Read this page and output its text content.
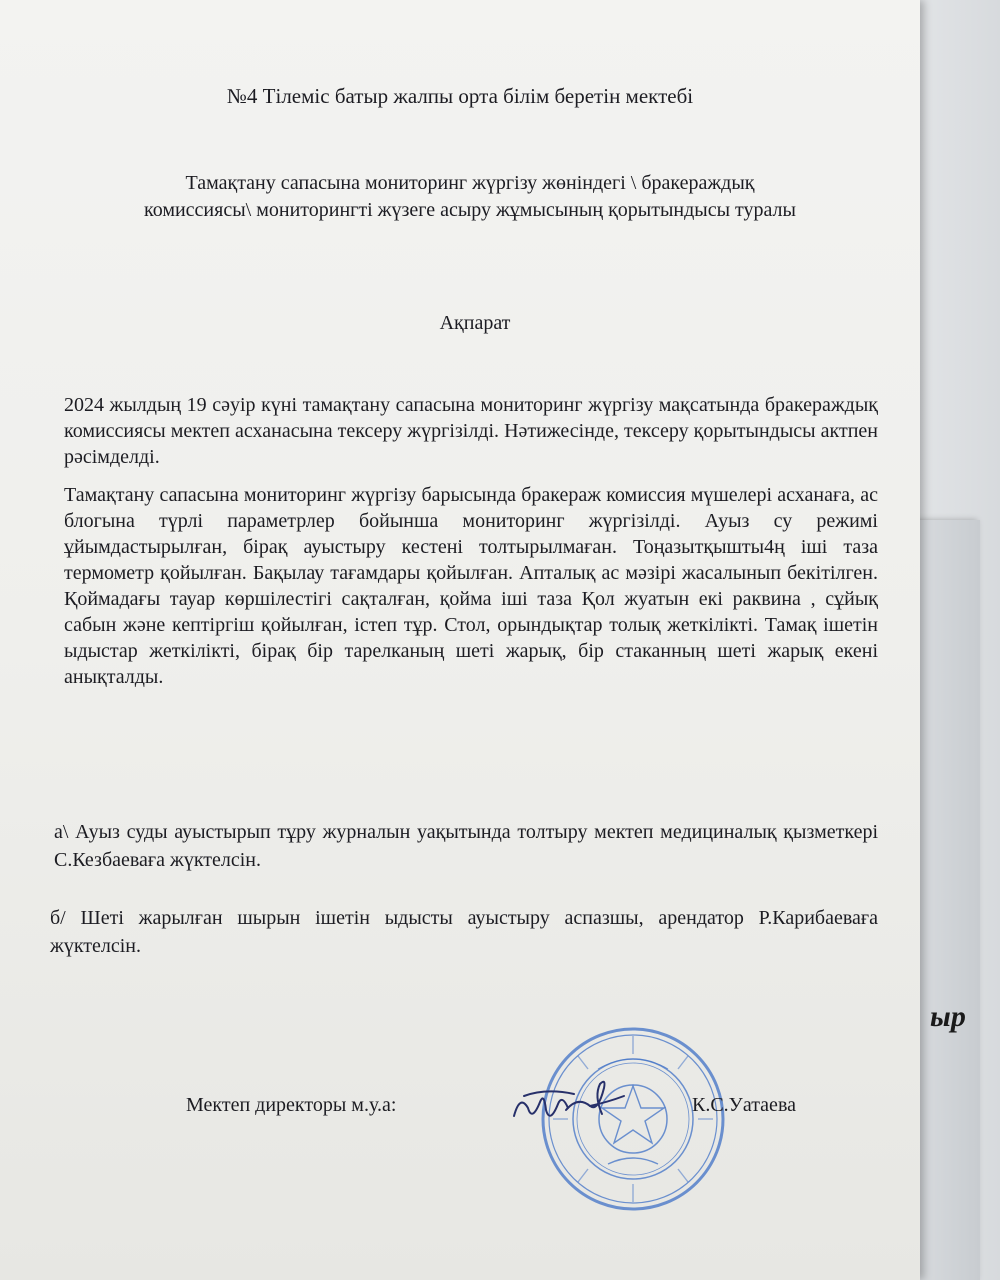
ыр
№4 Тілеміс батыр жалпы орта білім беретін мектебі
Тамақтану сапасына мониторинг жүргізу жөніндегі \ бракераждық
комиссиясы\ мониторингті жүзеге асыру жұмысының қорытындысы туралы
Ақпарат

2024 жылдың 19 сәуір күні тамақтану сапасына мониторинг жүргізу мақсатында бракераждық комиссиясы мектеп асханасына тексеру жүргізілді. Нәтижесінде, тексеру қорытындысы актпен рәсімделді.

Тамақтану сапасына мониторинг жүргізу барысында бракераж комиссия мүшелері асханаға, ас блогына түрлі параметрлер бойынша мониторинг жүргізілді. Ауыз су режимі ұйымдастырылған, бірақ ауыстыру кестені толтырылмаған. Тоңазытқышты4ң іші таза термометр қойылған. Бақылау тағамдары қойылған. Апталық ас мәзірі жасалынып бекітілген. Қоймадағы тауар көршілестігі сақталған, қойма іші таза Қол жуатын екі раквина , сұйық сабын және кептіргіш қойылған, істеп тұр. Стол, орындықтар толық жеткілікті. Тамақ ішетін ыдыстар жеткілікті, бірақ бір тарелканың шеті жарық, бір стаканның шеті жарық екені анықталды.

а\ Ауыз суды ауыстырып тұру журналын уақытында толтыру мектеп медициналық қызметкері С.Кезбаеваға жүктелсін.
б/ Шеті жарылған шырын ішетін ыдысты ауыстыру аспазшы, арендатор Р.Карибаеваға жүктелсін.
Мектеп директоры м.у.а:	К.С.Уатаева
